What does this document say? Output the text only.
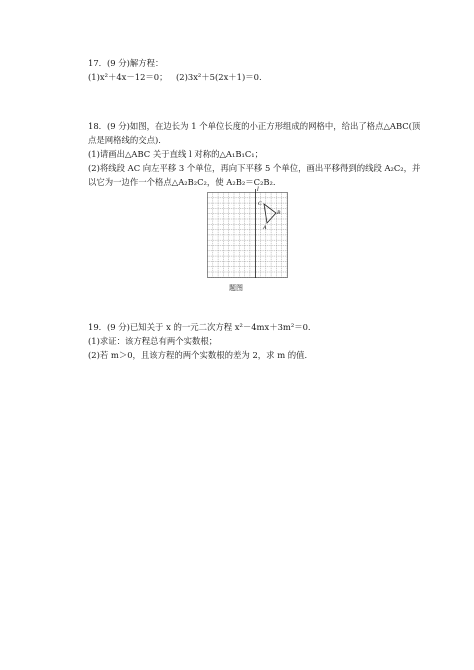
17．(9 分)解方程：
(1)x²＋4x－12＝0； (2)3x²＋5(2x＋1)＝0.
18．(9 分)如图，在边长为 1 个单位长度的小正方形组成的网格中，给出了格点△ABC(顶
点是网格线的交点)．
(1)请画出△ABC 关于直线 l 对称的△A₁B₁C₁；
(2)将线段 AC 向左平移 3 个单位，再向下平移 5 个单位，画出平移得到的线段 A₂C₂，并
以它为一边作一个格点△A₂B₂C₂，使 A₂B₂＝C₂B₂.
l
C
B
A
题图
19．(9 分)已知关于 x 的一元二次方程 x²－4mx＋3m²＝0.
(1)求证：该方程总有两个实数根；
(2)若 m＞0，且该方程的两个实数根的差为 2，求 m 的值．
